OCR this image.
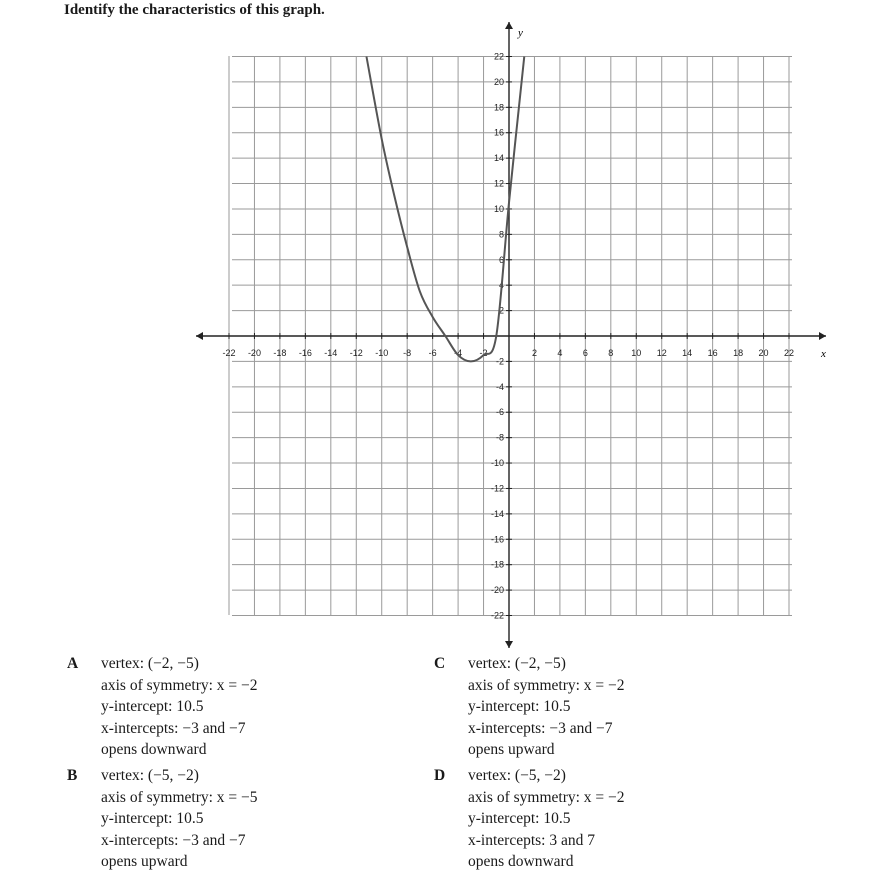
Identify the characteristics of this graph.
-22 -20 -18 -16 -14 -12 -10 -8 -6 -4 -2	2 4 6 8 10 12 14 16 18 20 22
22
20
18
16
14
12
10
8
6
4
2
-2
-4
-6
-8
-10
-12
-14
-16
-18
-20
-22
x
y
A vertex: (−2, −5)
axis of symmetry: x = −2
y-intercept: 10.5
x-intercepts: −3 and −7
opens downward
B vertex: (−5, −2)
axis of symmetry: x = −5
y-intercept: 10.5
x-intercepts: −3 and −7
opens upward
C vertex: (−2, −5)
axis of symmetry: x = −2
y-intercept: 10.5
x-intercepts: −3 and −7
opens upward
D vertex: (−5, −2)
axis of symmetry: x = −2
y-intercept: 10.5
x-intercepts: 3 and 7
opens downward
